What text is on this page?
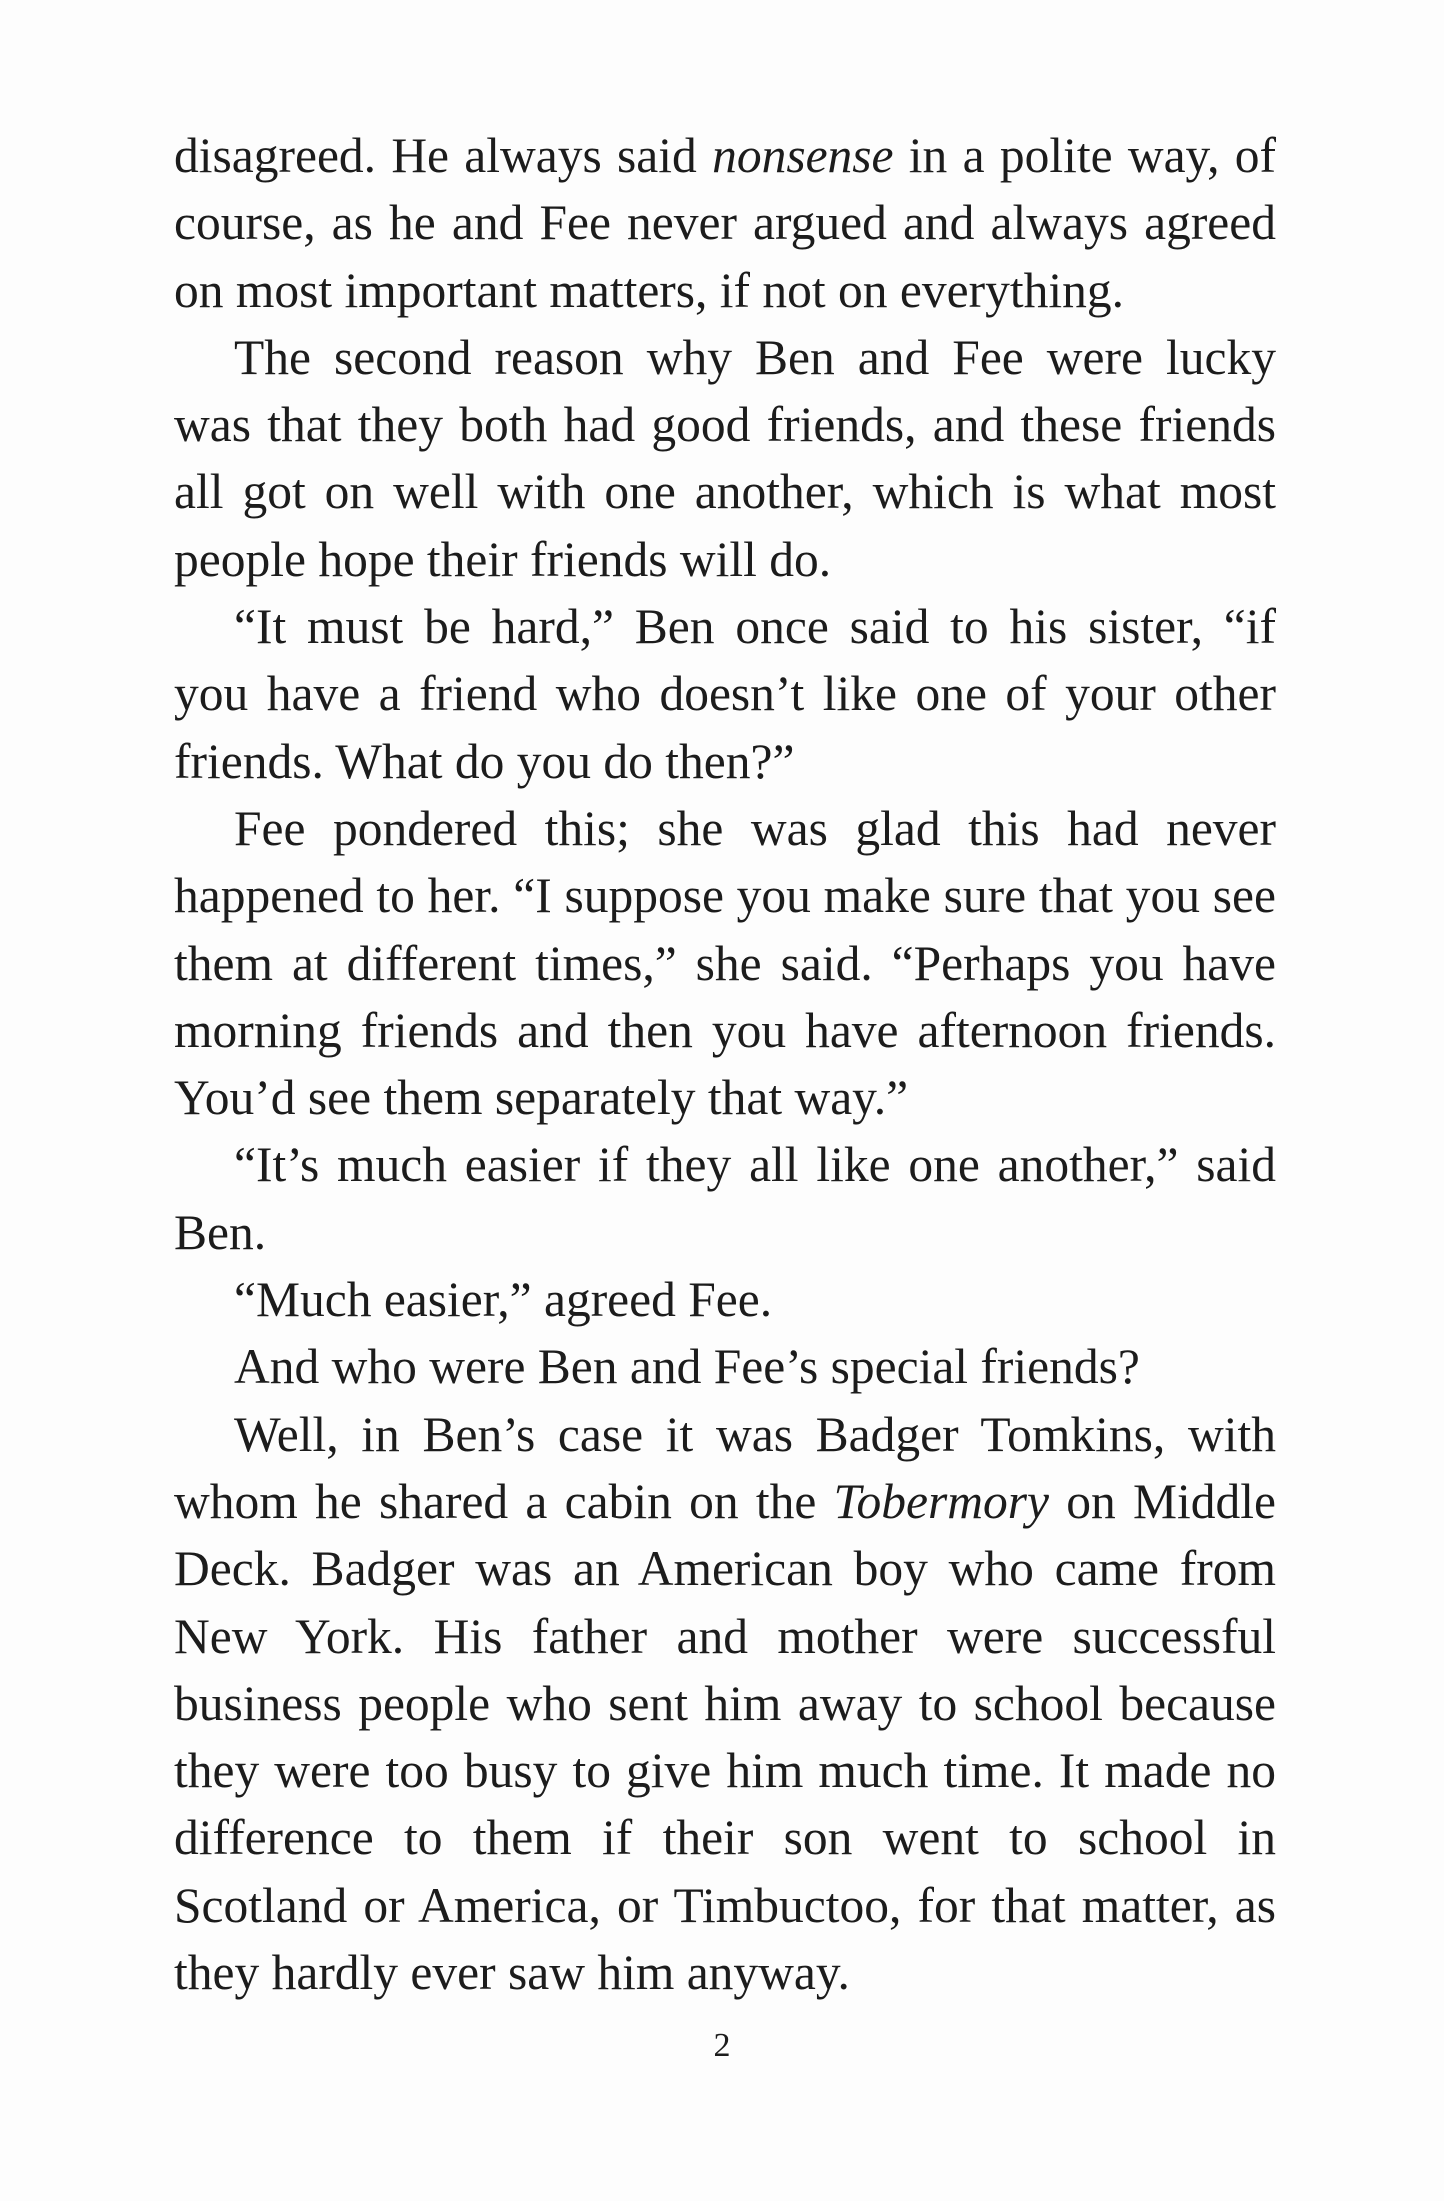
disagreed. He always said nonsense in a polite way, of course, as he and Fee never argued and always agreed on most important matters, if not on everything.

The second reason why Ben and Fee were lucky was that they both had good friends, and these friends all got on well with one another, which is what most people hope their friends will do.

“It must be hard,” Ben once said to his sister, “if you have a friend who doesn’t like one of your other friends. What do you do then?”

Fee pondered this; she was glad this had never happened to her. “I suppose you make sure that you see them at different times,” she said. “Perhaps you have morning friends and then you have afternoon friends. You’d see them separately that way.”

“It’s much easier if they all like one another,” said Ben.

“Much easier,” agreed Fee.

And who were Ben and Fee’s special friends?

Well, in Ben’s case it was Badger Tomkins, with whom he shared a cabin on the Tobermory on Middle Deck. Badger was an American boy who came from New York. His father and mother were successful business people who sent him away to school because they were too busy to give him much time. It made no difference to them if their son went to school in Scotland or America, or Timbuctoo, for that matter, as they hardly ever saw him anyway.

2
